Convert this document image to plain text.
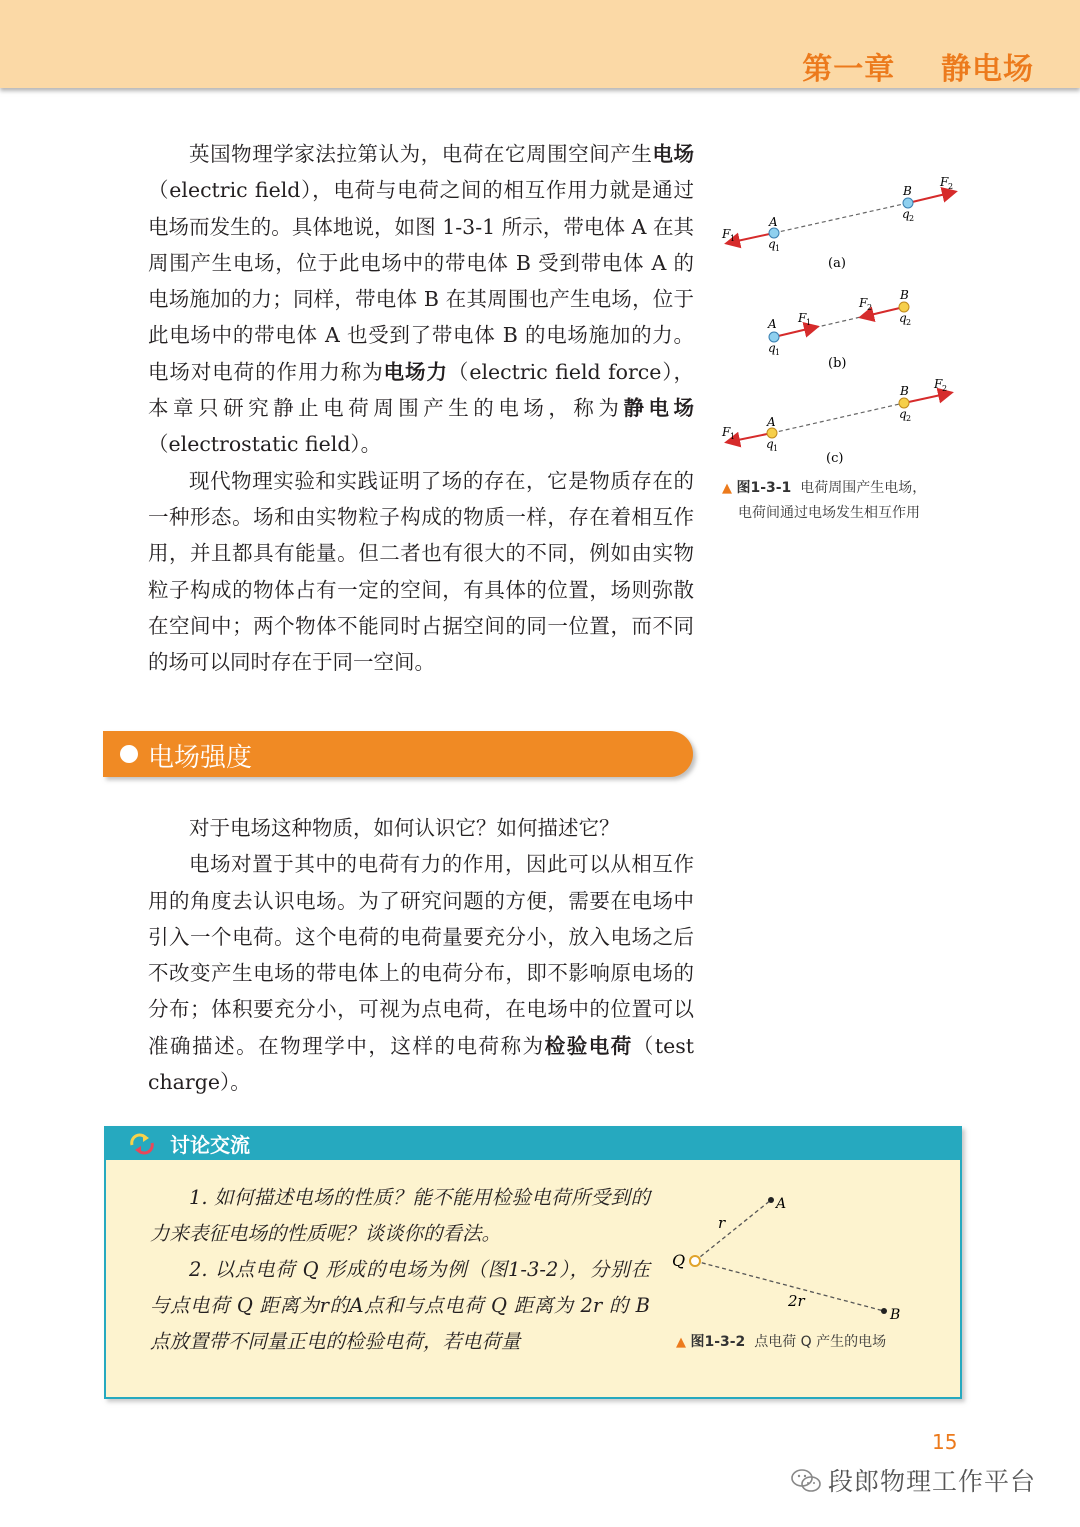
第一章    静电场

英国物理学家法拉第认为，电荷在它周围空间产生电场（electric field），电荷与电荷之间的相互作用力就是通过电场而发生的。具体地说，如图 1-3-1 所示，带电体 A 在其周围产生电场，位于此电场中的带电体 B 受到带电体 A 的电场施加的力；同样，带电体 B 在其周围也产生电场，位于此电场中的带电体 A 也受到了带电体 B 的电场施加的力。电场对电荷的作用力称为电场力（electric field force），本章只研究静止电荷周围产生的电场，称为静电场（electrostatic field）。

现代物理实验和实践证明了场的存在，它是物质存在的一种形态。场和由实物粒子构成的物质一样，存在着相互作用，并且都具有能量。但二者也有很大的不同，例如由实物粒子构成的物体占有一定的空间，有具体的位置，场则弥散在空间中；两个物体不能同时占据空间的同一位置，而不同的场可以同时存在于同一空间。

A
B
q 1
q 2
F 1
F 2
(a)
A
B
q 1
q 2
F 1
F 2
(b)
A
B
q 1
q 2
F 1
F 2
(c)
▲ 图1-3-1 电荷周围产生电场，
电荷间通过电场发生相互作用
电场强度

对于电场这种物质，如何认识它？如何描述它？

电场对置于其中的电荷有力的作用，因此可以从相互作用的角度去认识电场。为了研究问题的方便，需要在电场中引入一个电荷。这个电荷的电荷量要充分小，放入电场之后不改变产生电场的带电体上的电荷分布，即不影响原电场的分布；体积要充分小，可视为点电荷，在电场中的位置可以准确描述。在物理学中，这样的电荷称为检验电荷（test charge）。

讨论交流

1. 如何描述电场的性质？能不能用检验电荷所受到的力来表征电场的性质呢？谈谈你的看法。

2. 以点电荷 Q 形成的电场为例（图1-3-2），分别在与点电荷 Q 距离为r的A点和与点电荷 Q 距离为 2r 的 B 点放置带不同量正电的检验电荷，若电荷量

Q
A
B
r
2r
▲ 图1-3-2 点电荷 Q 产生的电场
15
段郎物理工作平台
